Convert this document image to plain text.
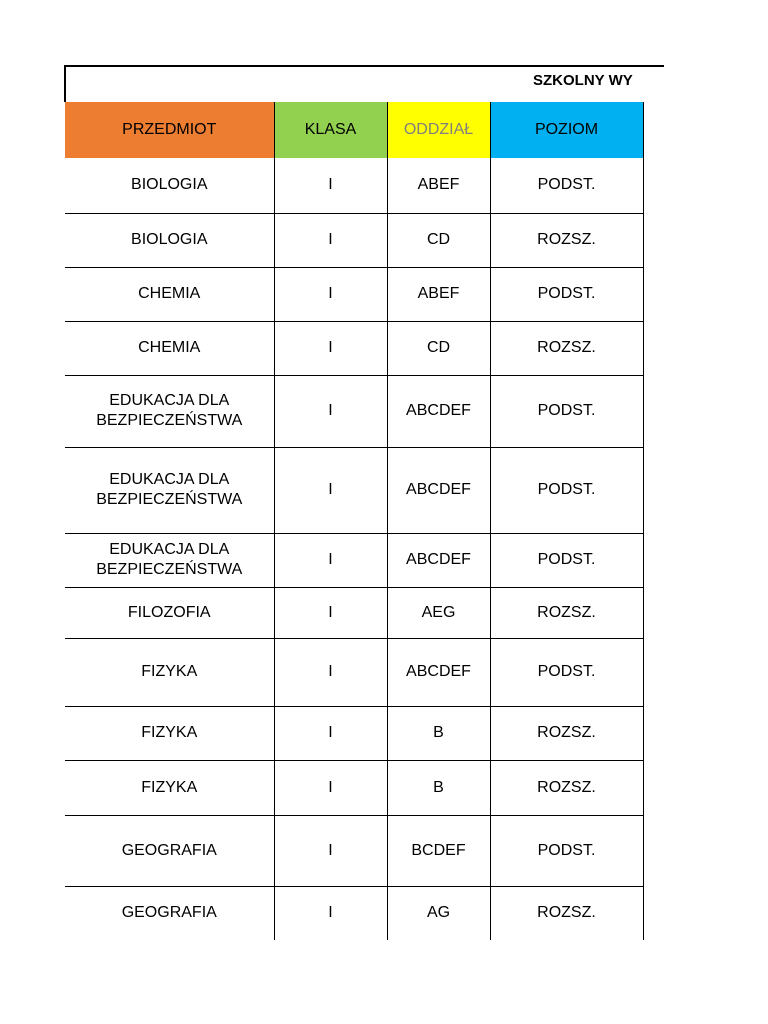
SZKOLNY WY
PRZEDMIOT	KLASA	ODDZIAŁ	POZIOM
BIOLOGIA	I	ABEF	PODST.
BIOLOGIA	I	CD	ROZSZ.
CHEMIA	I	ABEF	PODST.
CHEMIA	I	CD	ROZSZ.

EDUKACJA DLA BEZPIECZEŃSTWA	I	ABCDEF	PODST.

EDUKACJA DLA BEZPIECZEŃSTWA	I	ABCDEF	PODST.

EDUKACJA DLA BEZPIECZEŃSTWA	I	ABCDEF	PODST.
FILOZOFIA	I	AEG	ROZSZ.
FIZYKA	I	ABCDEF	PODST.
FIZYKA	I	B	ROZSZ.
FIZYKA	I	B	ROZSZ.
GEOGRAFIA	I	BCDEF	PODST.
GEOGRAFIA	I	AG	ROZSZ.
